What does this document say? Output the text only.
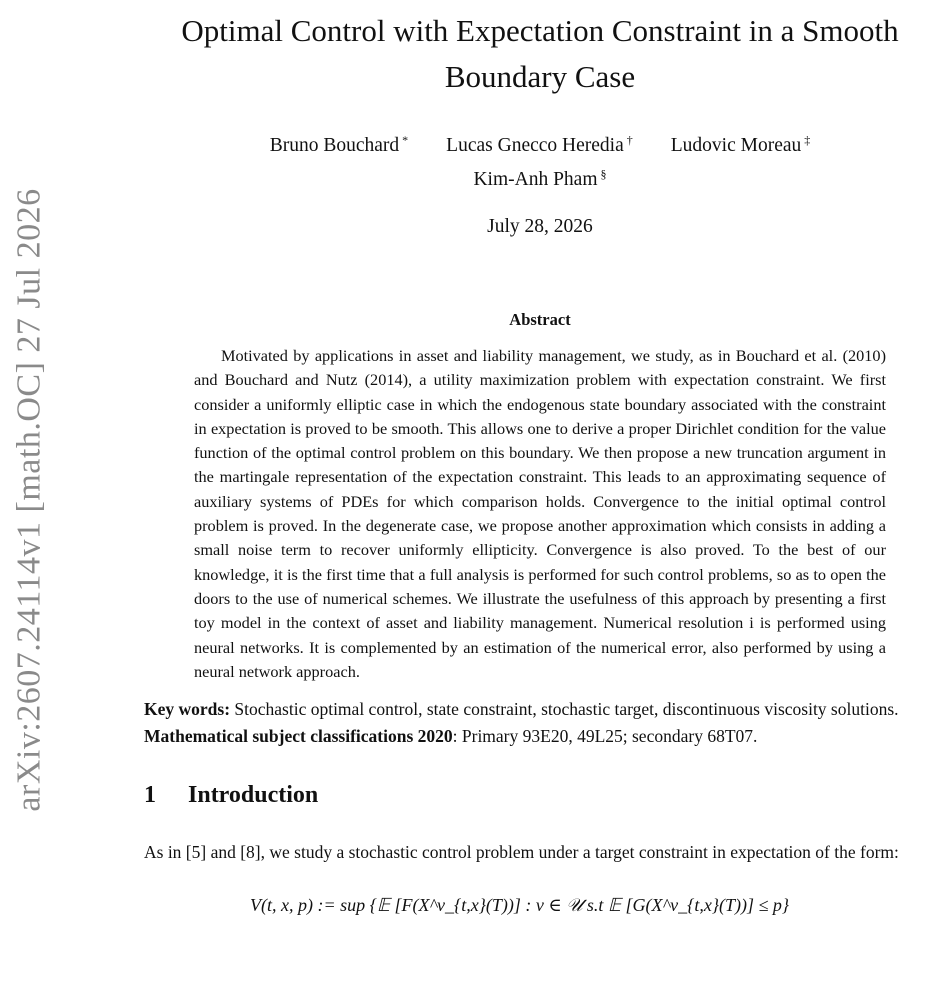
arXiv:2607.24114v1 [math.OC] 27 Jul 2026
Optimal Control with Expectation Constraint in a Smooth Boundary Case
Bruno Bouchard * Lucas Gnecco Heredia † Ludovic Moreau ‡
Kim-Anh Pham §
July 28, 2026
Abstract

Motivated by applications in asset and liability management, we study, as in Bouchard et al. (2010) and Bouchard and Nutz (2014), a utility maximization problem with expectation constraint. We first consider a uniformly elliptic case in which the endogenous state boundary associated with the constraint in expectation is proved to be smooth. This allows one to derive a proper Dirichlet condition for the value function of the optimal control problem on this boundary. We then propose a new truncation argument in the martingale representation of the expectation constraint. This leads to an approximating sequence of auxiliary systems of PDEs for which comparison holds. Convergence to the initial optimal control problem is proved. In the degenerate case, we propose another approximation which consists in adding a small noise term to recover uniformly ellipticity. Convergence is also proved. To the best of our knowledge, it is the first time that a full analysis is performed for such control problems, so as to open the doors to the use of numerical schemes. We illustrate the usefulness of this approach by presenting a first toy model in the context of asset and liability management. Numerical resolution i is performed using neural networks. It is complemented by an estimation of the numerical error, also performed by using a neural network approach.

Key words: Stochastic optimal control, state constraint, stochastic target, discontinuous viscosity solutions.
Mathematical subject classifications 2020: Primary 93E20, 49L25; secondary 68T07.
1	Introduction

As in [5] and [8], we study a stochastic control problem under a target constraint in expectation of the form:

V(t, x, p) := sup {𝔼 [F(X^ν_{t,x}(T))] : ν ∈ 𝒰 s.t 𝔼 [G(X^ν_{t,x}(T))] ≤ p}
